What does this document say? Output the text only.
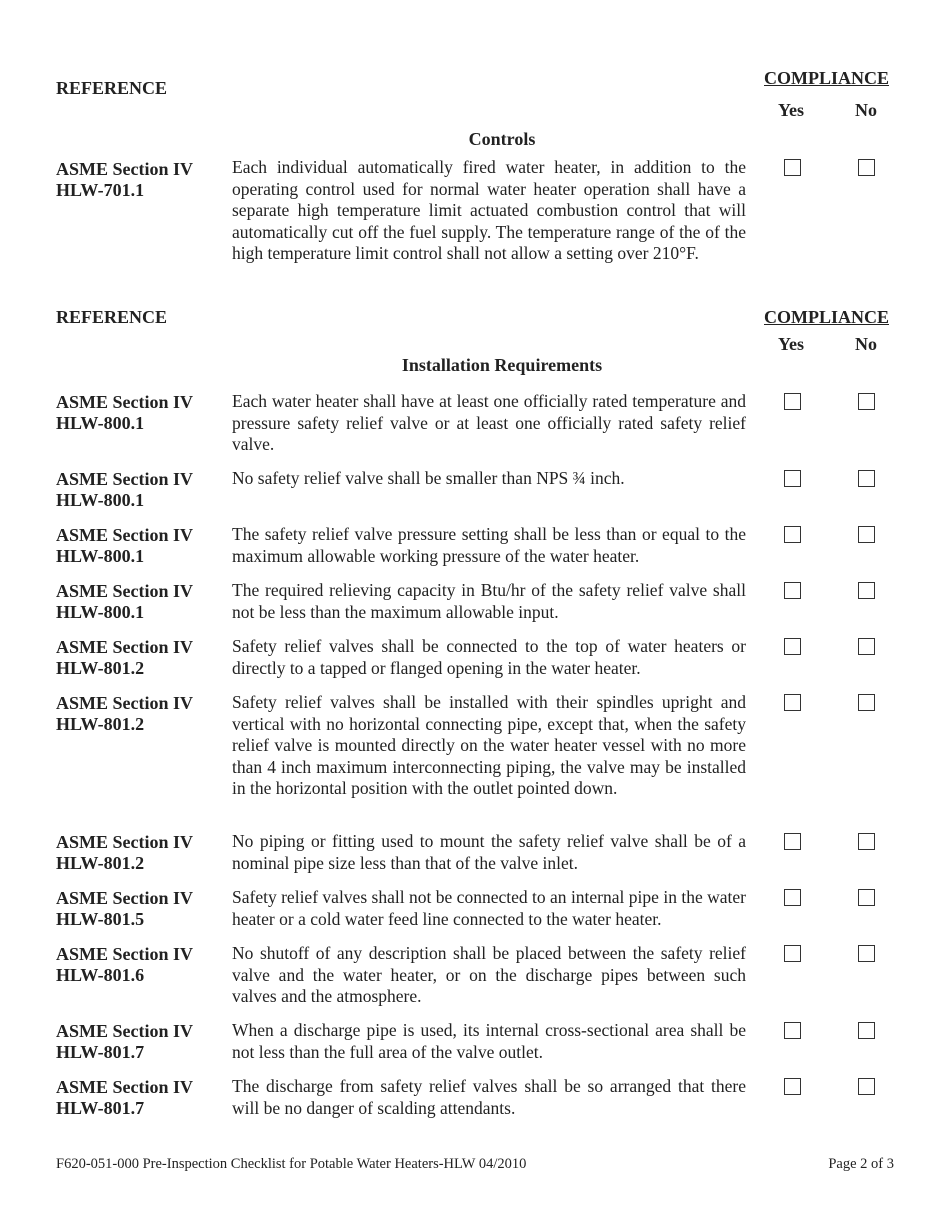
REFERENCE	COMPLIANCE
Yes	No
Controls
ASME Section IV
HLW-701.1
Each individual automatically fired water heater, in addition to the operating control used for normal water heater operation shall have a separate high temperature limit actuated combustion control that will automatically cut off the fuel supply. The temperature range of the of the high temperature limit control shall not allow a setting over 210°F.
REFERENCE	COMPLIANCE
Yes	No
Installation Requirements
ASME Section IV
HLW-800.1
Each water heater shall have at least one officially rated temperature and pressure safety relief valve or at least one officially rated safety relief valve.
ASME Section IV
HLW-800.1
No safety relief valve shall be smaller than NPS ¾ inch.
ASME Section IV
HLW-800.1
The safety relief valve pressure setting shall be less than or equal to the maximum allowable working pressure of the water heater.
ASME Section IV
HLW-800.1
The required relieving capacity in Btu/hr of the safety relief valve shall not be less than the maximum allowable input.
ASME Section IV
HLW-801.2
Safety relief valves shall be connected to the top of water heaters or directly to a tapped or flanged opening in the water heater.
ASME Section IV
HLW-801.2
Safety relief valves shall be installed with their spindles upright and vertical with no horizontal connecting pipe, except that, when the safety relief valve is mounted directly on the water heater vessel with no more than 4 inch maximum interconnecting piping, the valve may be installed in the horizontal position with the outlet pointed down.
ASME Section IV
HLW-801.2
No piping or fitting used to mount the safety relief valve shall be of a nominal pipe size less than that of the valve inlet.
ASME Section IV
HLW-801.5
Safety relief valves shall not be connected to an internal pipe in the water heater or a cold water feed line connected to the water heater.
ASME Section IV
HLW-801.6
No shutoff of any description shall be placed between the safety relief valve and the water heater, or on the discharge pipes between such valves and the atmosphere.
ASME Section IV
HLW-801.7
When a discharge pipe is used, its internal cross-sectional area shall be not less than the full area of the valve outlet.
ASME Section IV
HLW-801.7
The discharge from safety relief valves shall be so arranged that there will be no danger of scalding attendants.
F620-051-000 Pre-Inspection Checklist for Potable Water Heaters-HLW 04/2010	Page 2 of 3
